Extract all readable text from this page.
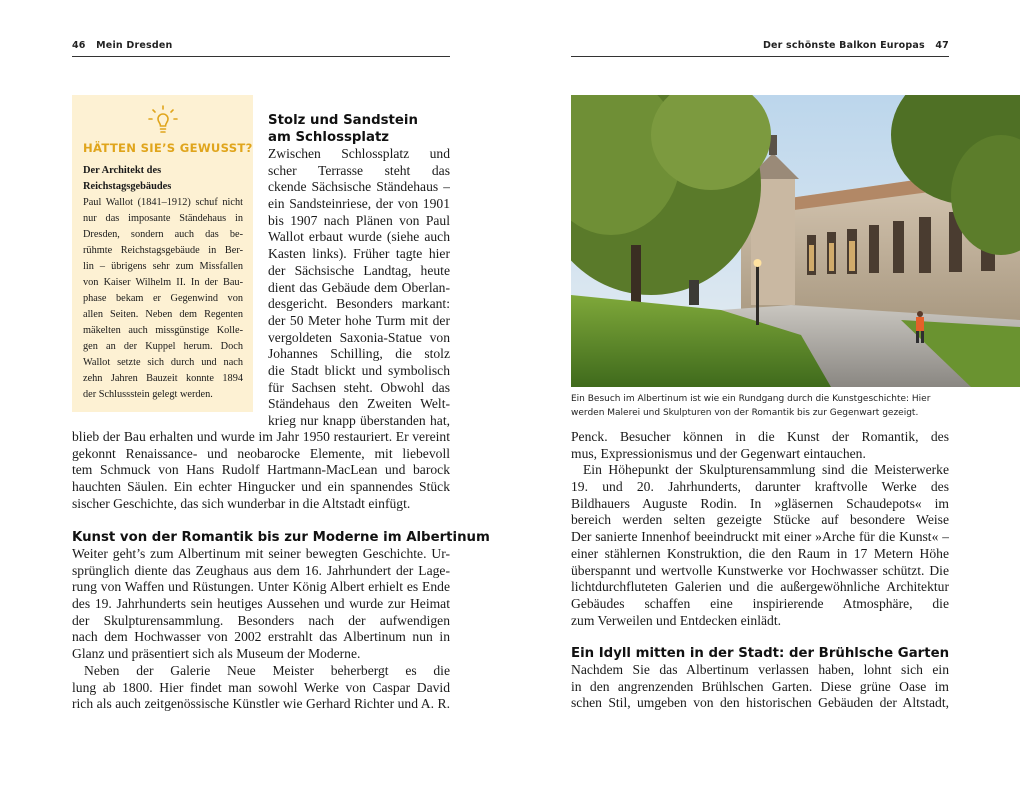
46 Mein Dresden	Der schönste Balkon Europas 47
HÄTTEN SIE’S GEWUSST?
Der Architekt des
Reichstagsgebäudes
Paul Wallot (1841–1912) schuf nicht
nur das imposante Ständehaus in
Dresden, sondern auch das be-
rühmte Reichstagsgebäude in Ber-
lin – übrigens sehr zum Missfallen
von Kaiser Wilhelm II. In der Bau-
phase bekam er Gegenwind von
allen Seiten. Neben dem Regenten
mäkelten auch missgünstige Kolle-
gen an der Kuppel herum. Doch
Wallot setzte sich durch und nach
zehn Jahren Bauzeit konnte 1894
der Schlussstein gelegt werden.
Stolz und Sandstein
am Schlossplatz
Zwischen Schlossplatz und
scher Terrasse steht das
ckende Sächsische Ständehaus –
ein Sandsteinriese, der von 1901
bis 1907 nach Plänen von Paul
Wallot erbaut wurde (siehe auch
Kasten links). Früher tagte hier
der Sächsische Landtag, heute
dient das Gebäude dem Oberlan-
desgericht. Besonders markant:
der 50 Meter hohe Turm mit der
vergoldeten Saxonia-Statue von
Johannes Schilling, die stolz
die Stadt blickt und symbolisch
für Sachsen steht. Obwohl das
Ständehaus den Zweiten Welt-
krieg nur knapp überstanden hat,
blieb der Bau erhalten und wurde im Jahr 1950 restauriert. Er vereint
gekonnt Renaissance- und neobarocke Elemente, mit liebevoll
tem Schmuck von Hans Rudolf Hartmann-MacLean und barock
hauchten Säulen. Ein echter Hingucker und ein spannendes Stück
sischer Geschichte, das sich wunderbar in die Altstadt einfügt.
Kunst von der Romantik bis zur Moderne im Albertinum
Weiter geht’s zum Albertinum mit seiner bewegten Geschichte. Ur-
sprünglich diente das Zeughaus aus dem 16. Jahrhundert der Lage-
rung von Waffen und Rüstungen. Unter König Albert erhielt es Ende
des 19. Jahrhunderts sein heutiges Aussehen und wurde zur Heimat
der Skulpturensammlung. Besonders nach der aufwendigen
nach dem Hochwasser von 2002 erstrahlt das Albertinum nun in
Glanz und präsentiert sich als Museum der Moderne.
Neben der Galerie Neue Meister beherbergt es die
lung ab 1800. Hier findet man sowohl Werke von Caspar David
rich als auch zeitgenössische Künstler wie Gerhard Richter und A. R.
Ein Besuch im Albertinum ist wie ein Rundgang durch die Kunstgeschichte: Hier
werden Malerei und Skulpturen von der Romantik bis zur Gegenwart gezeigt.
Penck. Besucher können in die Kunst der Romantik, des
mus, Expressionismus und der Gegenwart eintauchen.
Ein Höhepunkt der Skulpturensammlung sind die Meisterwerke
19. und 20. Jahrhunderts, darunter kraftvolle Werke des
Bildhauers Auguste Rodin. In »gläsernen Schaudepots« im
bereich werden selten gezeigte Stücke auf besondere Weise
Der sanierte Innenhof beeindruckt mit einer »Arche für die Kunst« –
einer stählernen Konstruktion, die den Raum in 17 Metern Höhe
überspannt und wertvolle Kunstwerke vor Hochwasser schützt. Die
lichtdurchfluteten Galerien und die außergewöhnliche Architektur
Gebäudes schaffen eine inspirierende Atmosphäre, die
zum Verweilen und Entdecken einlädt.
Ein Idyll mitten in der Stadt: der Brühlsche Garten
Nachdem Sie das Albertinum verlassen haben, lohnt sich ein
in den angrenzenden Brühlschen Garten. Diese grüne Oase im
schen Stil, umgeben von den historischen Gebäuden der Altstadt,
